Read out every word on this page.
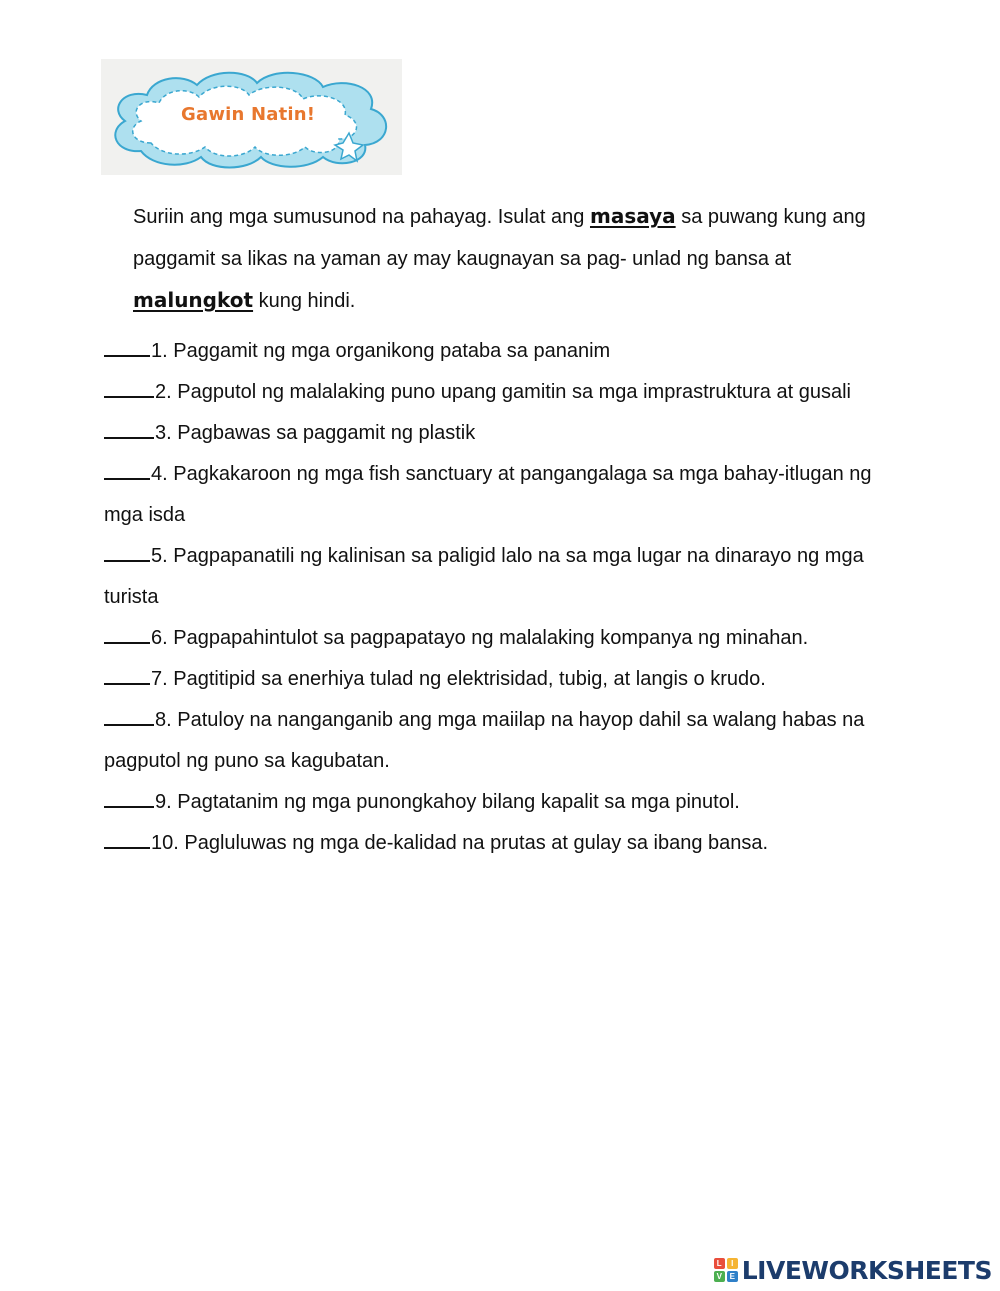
Gawin Natin!
Suriin ang mga sumusunod na pahayag. Isulat ang masaya sa puwang kung ang paggamit sa likas na yaman ay may kaugnayan sa pag- unlad ng bansa at malungkot kung hindi.

1. Paggamit ng mga organikong pataba sa pananim

2. Pagputol ng malalaking puno upang gamitin sa mga imprastruktura at gusali

3. Pagbawas sa paggamit ng plastik

4. Pagkakaroon ng mga fish sanctuary at pangangalaga sa mga bahay-itlugan ng mga isda

5. Pagpapanatili ng kalinisan sa paligid lalo na sa mga lugar na dinarayo ng mga turista

6. Pagpapahintulot sa pagpapatayo ng malalaking kompanya ng minahan.

7. Pagtitipid sa enerhiya tulad ng elektrisidad, tubig, at langis o krudo.

8. Patuloy na nanganganib ang mga maiilap na hayop dahil sa walang habas na pagputol ng puno sa kagubatan.

9. Pagtatanim ng mga punongkahoy bilang kapalit sa mga pinutol.

10. Pagluluwas ng mga de-kalidad na prutas at gulay sa ibang bansa.

L	I
V E LIVEWORKSHEETS
